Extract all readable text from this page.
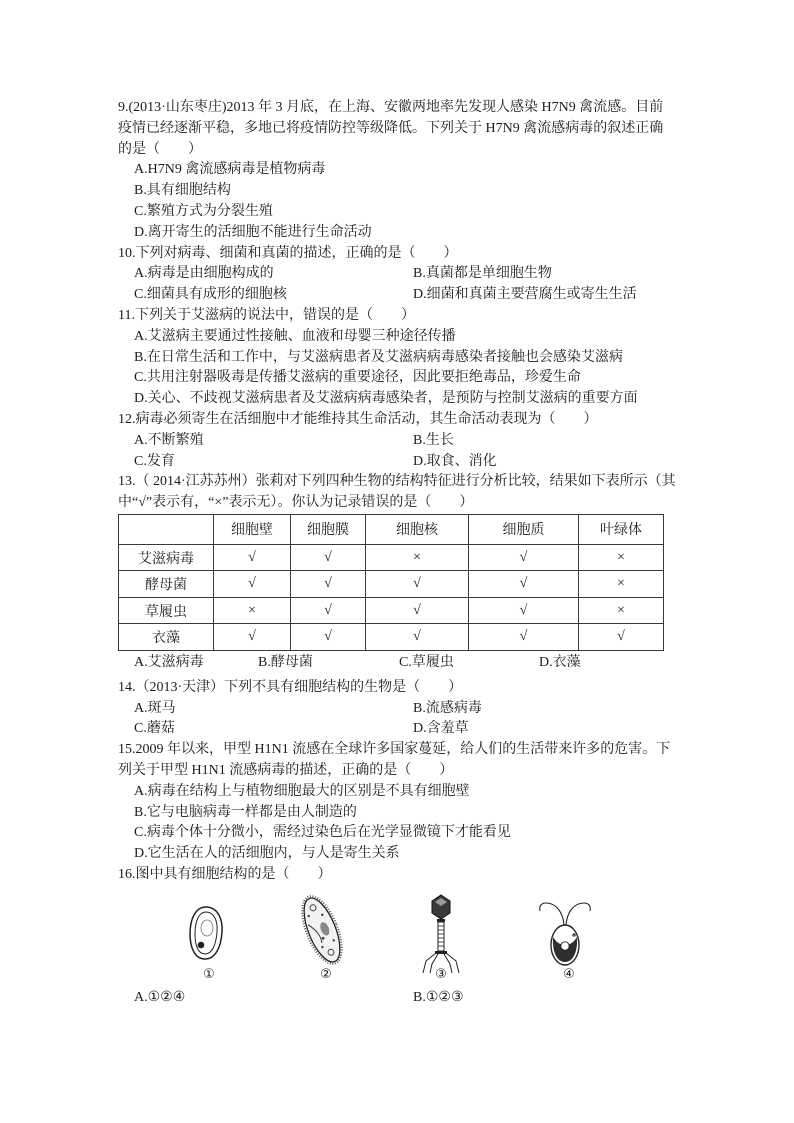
9.(2013·山东枣庄)2013 年 3 月底，在上海、安徽两地率先发现人感染 H7N9 禽流感。目前
疫情已经逐渐平稳，多地已将疫情防控等级降低。下列关于 H7N9 禽流感病毒的叙述正确
的是（　　）
A.H7N9 禽流感病毒是植物病毒
B.具有细胞结构
C.繁殖方式为分裂生殖
D.离开寄生的活细胞不能进行生命活动
10.下列对病毒、细菌和真菌的描述，正确的是（　　）
A.病毒是由细胞构成的	B.真菌都是单细胞生物
C.细菌具有成形的细胞核	D.细菌和真菌主要营腐生或寄生生活
11.下列关于艾滋病的说法中，错误的是（　　）
A.艾滋病主要通过性接触、血液和母婴三种途径传播
B.在日常生活和工作中，与艾滋病患者及艾滋病病毒感染者接触也会感染艾滋病
C.共用注射器吸毒是传播艾滋病的重要途径，因此要拒绝毒品，珍爱生命
D.关心、不歧视艾滋病患者及艾滋病病毒感染者，是预防与控制艾滋病的重要方面
12.病毒必须寄生在活细胞中才能维持其生命活动，其生命活动表现为（　　）
A.不断繁殖	B.生长
C.发育	D.取食、消化
13.（ 2014·江苏苏州）张莉对下列四种生物的结构特征进行分析比较，结果如下表所示（其
中“√”表示有，“×”表示无）。你认为记录错误的是（　　）
	细胞壁	细胞膜	细胞核	细胞质	叶绿体
艾滋病毒	√	√	×	√	×
酵母菌	√	√	√	√	×
草履虫	×	√	√	√	×
衣藻	√	√	√	√	√
A.艾滋病毒	B.酵母菌	C.草履虫	D.衣藻
14.（2013·天津）下列不具有细胞结构的生物是（　　）
A.斑马	B.流感病毒
C.蘑菇	D.含羞草
15.2009 年以来，甲型 H1N1 流感在全球许多国家蔓延，给人们的生活带来许多的危害。下
列关于甲型 H1N1 流感病毒的描述，正确的是（　　）
A.病毒在结构上与植物细胞最大的区别是不具有细胞壁
B.它与电脑病毒一样都是由人制造的
C.病毒个体十分微小，需经过染色后在光学显微镜下才能看见
D.它生活在人的活细胞内，与人是寄生关系
16.图中具有细胞结构的是（　　）
①	②	③	④
A.①②④	B.①②③
